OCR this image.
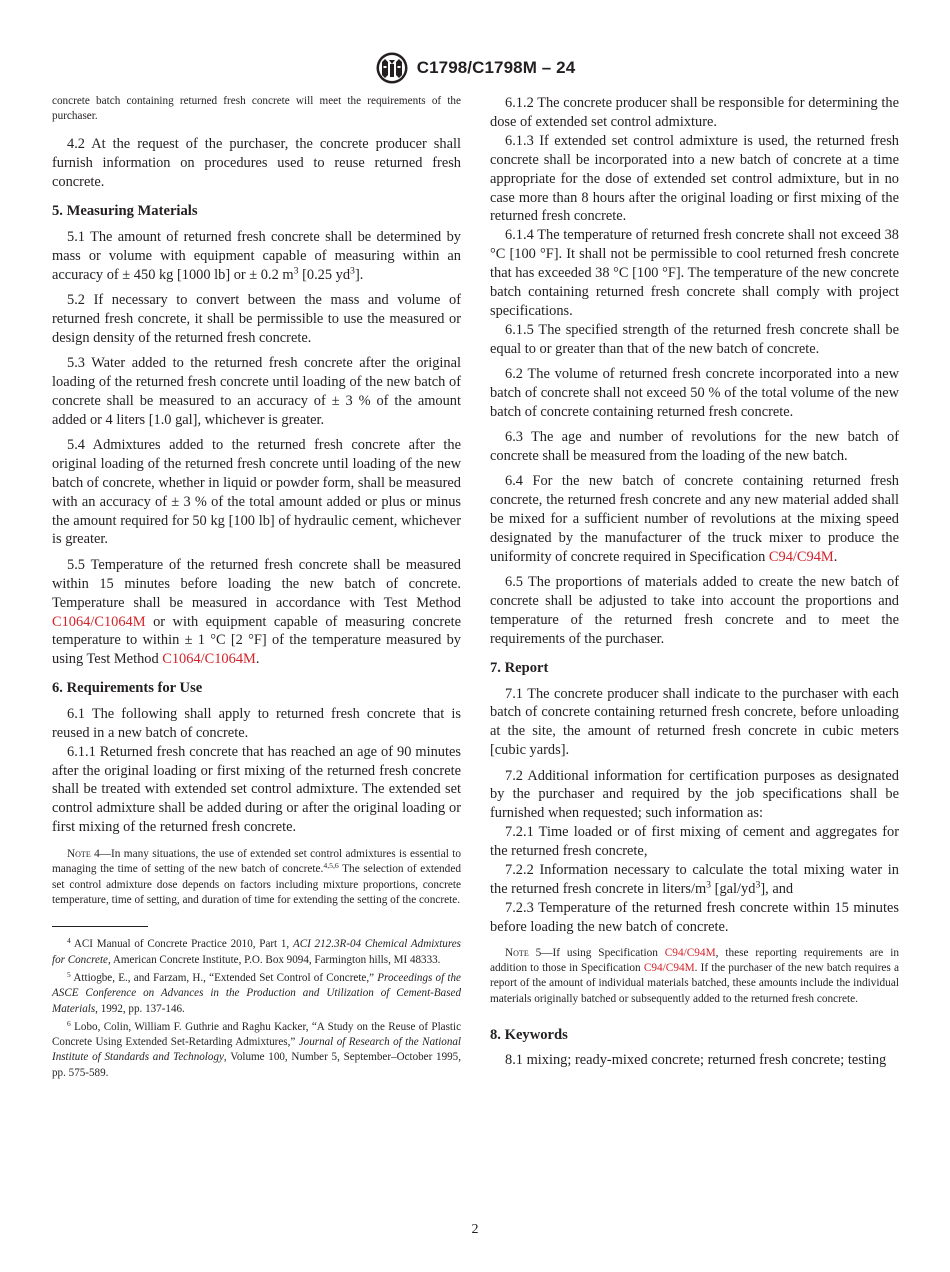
C1798/C1798M – 24

concrete batch containing returned fresh concrete will meet the requirements of the purchaser.

4.2 At the request of the purchaser, the concrete producer shall furnish information on procedures used to reuse returned fresh concrete.

5. Measuring Materials

5.1 The amount of returned fresh concrete shall be determined by mass or volume with equipment capable of measuring within an accuracy of ± 450 kg [1000 lb] or ± 0.2 $m^3$ [0.25 $yd^3$].

5.2 If necessary to convert between the mass and volume of returned fresh concrete, it shall be permissible to use the measured or design density of the returned fresh concrete.

5.3 Water added to the returned fresh concrete after the original loading of the returned fresh concrete until loading of the new batch of concrete shall be measured to an accuracy of ± 3 % of the amount added or 4 liters [1.0 gal], whichever is greater.

5.4 Admixtures added to the returned fresh concrete after the original loading of the returned fresh concrete until loading of the new batch of concrete, whether in liquid or powder form, shall be measured with an accuracy of ± 3 % of the total amount added or plus or minus the amount required for 50 kg [100 lb] of hydraulic cement, whichever is greater.

5.5 Temperature of the returned fresh concrete shall be measured within 15 minutes before loading the new batch of concrete. Temperature shall be measured in accordance with Test Method C1064/C1064M or with equipment capable of measuring concrete temperature to within ± 1 °C [2 °F] of the temperature measured by using Test Method C1064/C1064M.

6. Requirements for Use

6.1 The following shall apply to returned fresh concrete that is reused in a new batch of concrete.

6.1.1 Returned fresh concrete that has reached an age of 90 minutes after the original loading or first mixing of the returned fresh concrete shall be treated with extended set control admixture. The extended set control admixture shall be added during or after the original loading or first mixing of the returned fresh concrete.

Note 4—In many situations, the use of extended set control admixtures is essential to managing the time of setting of the new batch of concrete.$^{4,5,6}$ The selection of extended set control admixture dose depends on factors including mixture proportions, concrete temperature, time of setting, and duration of time for extending the setting of the concrete.

$^4$ ACI Manual of Concrete Practice 2010, Part 1, ACI 212.3R-04 Chemical Admixtures for Concrete, American Concrete Institute, P.O. Box 9094, Farmington hills, MI 48333.

$^5$ Attiogbe, E., and Farzam, H., “Extended Set Control of Concrete,” Proceedings of the ASCE Conference on Advances in the Production and Utilization of Cement-Based Materials, 1992, pp. 137-146.

$^6$ Lobo, Colin, William F. Guthrie and Raghu Kacker, “A Study on the Reuse of Plastic Concrete Using Extended Set-Retarding Admixtures,” Journal of Research of the National Institute of Standards and Technology, Volume 100, Number 5, September–October 1995, pp. 575-589.

6.1.2 The concrete producer shall be responsible for determining the dose of extended set control admixture.

6.1.3 If extended set control admixture is used, the returned fresh concrete shall be incorporated into a new batch of concrete at a time appropriate for the dose of extended set control admixture, but in no case more than 8 hours after the original loading or first mixing of the returned fresh concrete.

6.1.4 The temperature of returned fresh concrete shall not exceed 38 °C [100 °F]. It shall not be permissible to cool returned fresh concrete that has exceeded 38 °C [100 °F]. The temperature of the new concrete batch containing returned fresh concrete shall comply with project specifications.

6.1.5 The specified strength of the returned fresh concrete shall be equal to or greater than that of the new batch of concrete.

6.2 The volume of returned fresh concrete incorporated into a new batch of concrete shall not exceed 50 % of the total volume of the new batch of concrete containing returned fresh concrete.

6.3 The age and number of revolutions for the new batch of concrete shall be measured from the loading of the new batch.

6.4 For the new batch of concrete containing returned fresh concrete, the returned fresh concrete and any new material added shall be mixed for a sufficient number of revolutions at the mixing speed designated by the manufacturer of the truck mixer to produce the uniformity of concrete required in Specification C94/C94M.

6.5 The proportions of materials added to create the new batch of concrete shall be adjusted to take into account the proportions and temperature of the returned fresh concrete and to meet the requirements of the purchaser.

7. Report

7.1 The concrete producer shall indicate to the purchaser with each batch of concrete containing returned fresh concrete, before unloading at the site, the amount of returned fresh concrete in cubic meters [cubic yards].

7.2 Additional information for certification purposes as designated by the purchaser and required by the job specifications shall be furnished when requested; such information as:

7.2.1 Time loaded or of first mixing of cement and aggregates for the returned fresh concrete,

7.2.2 Information necessary to calculate the total mixing water in the returned fresh concrete in liters/$m^3$ $[gal/yd^3]$, and

7.2.3 Temperature of the returned fresh concrete within 15 minutes before loading the new batch of concrete.

Note 5—If using Specification C94/C94M, these reporting requirements are in addition to those in Specification C94/C94M. If the purchaser of the new batch requires a report of the amount of individual materials batched, these amounts include the individual materials originally batched or subsequently added to the returned fresh concrete.

8. Keywords

8.1 mixing; ready-mixed concrete; returned fresh concrete; testing

2
